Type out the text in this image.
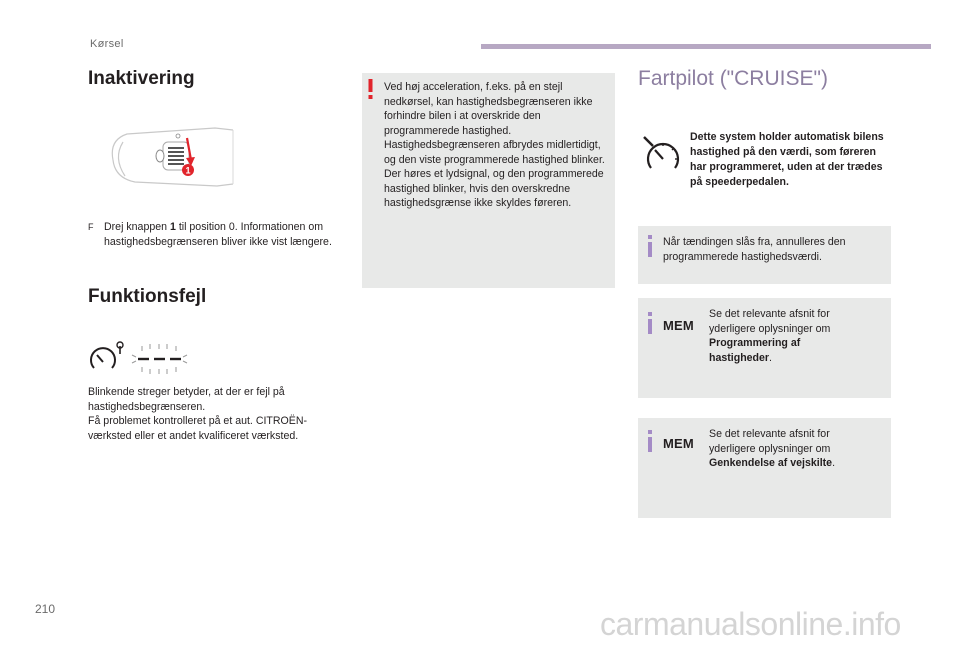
Kørsel
Inaktivering
1
F Drej knappen 1 til position 0. Informationen om hastighedsbegrænseren bliver ikke vist længere.
Funktionsfejl
Blinkende streger betyder, at der er fejl på hastighedsbegrænseren.
Få problemet kontrolleret på et aut. CITROËN-værksted eller et andet kvalificeret værksted.
Ved høj acceleration, f.eks. på en stejl nedkørsel, kan hastighedsbegrænseren ikke forhindre bilen i at overskride den programmerede hastighed.
Hastighedsbegrænseren afbrydes midlertidigt, og den viste programmerede hastighed blinker.
Der høres et lydsignal, og den programmerede hastighed blinker, hvis den overskredne hastighedsgrænse ikke skyldes føreren.
Fartpilot ("CRUISE")
Dette system holder automatisk bilens hastighed på den værdi, som føreren har programmeret, uden at der trædes på speederpedalen.
Når tændingen slås fra, annulleres den programmerede hastighedsværdi.
MEM
Se det relevante afsnit for yderligere oplysninger om Programmering af hastigheder.
MEM
Se det relevante afsnit for yderligere oplysninger om Genkendelse af vejskilte.
210	carmanualsonline.info
